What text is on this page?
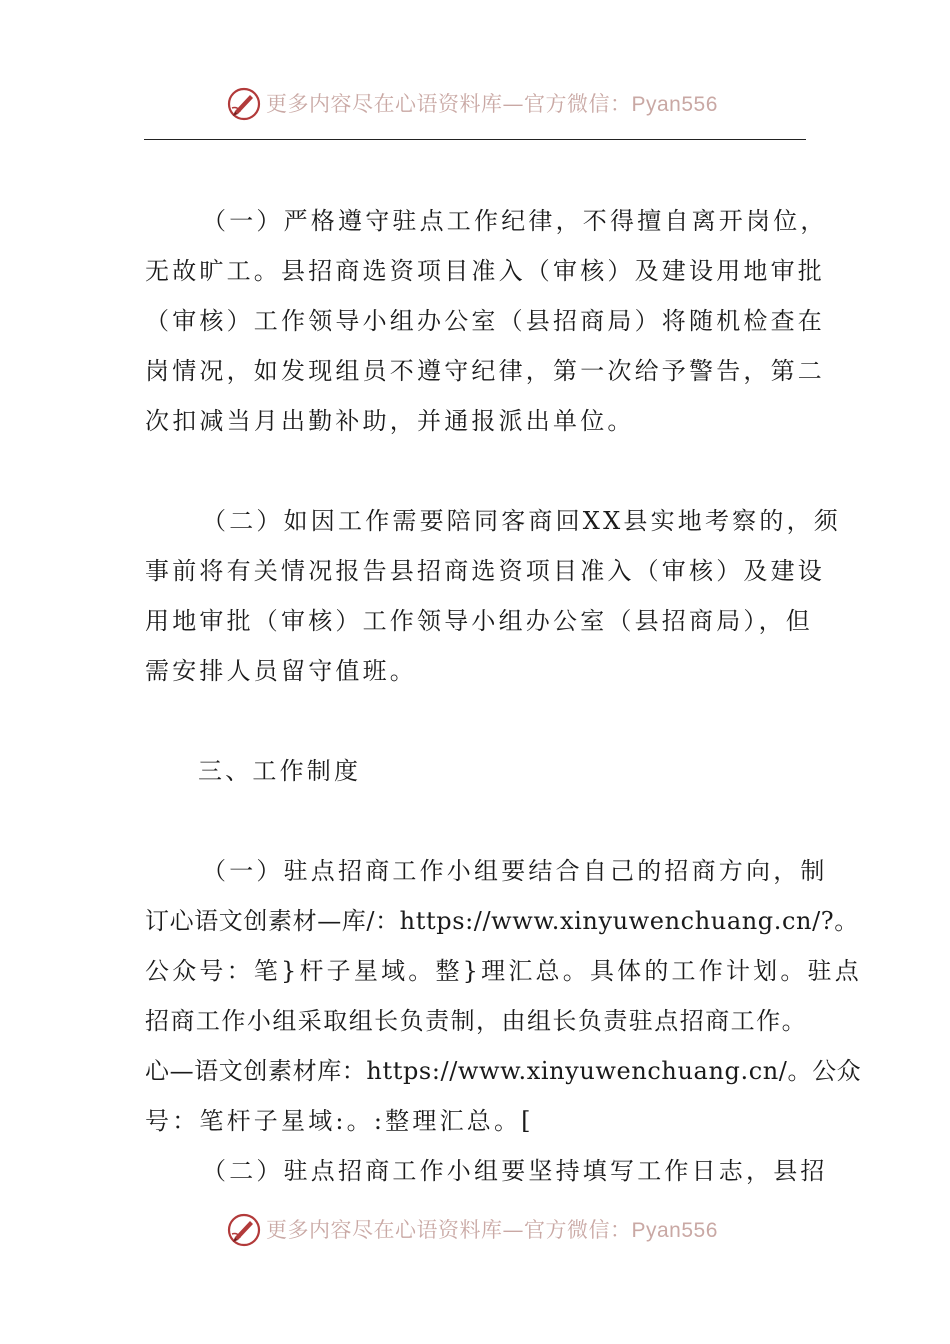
更多内容尽在心语资料库—官方微信：Pyan556

（一）严格遵守驻点工作纪律，不得擅自离开岗位，
无故旷工。县招商选资项目准入（审核）及建设用地审批
（审核）工作领导小组办公室（县招商局）将随机检查在
岗情况，如发现组员不遵守纪律，第一次给予警告，第二
次扣减当月出勤补助，并通报派出单位。

（二）如因工作需要陪同客商回XX县实地考察的，须
事前将有关情况报告县招商选资项目准入（审核）及建设
用地审批（审核）工作领导小组办公室（县招商局），但
需安排人员留守值班。

三、工作制度

（一）驻点招商工作小组要结合自己的招商方向，制
订心语文创素材—库/：https://www.xinyuwenchuang.cn/?。
公众号：笔}杆子星域。整}理汇总。具体的工作计划。驻点
招商工作小组采取组长负责制，由组长负责驻点招商工作。
心—语文创素材库：https://www.xinyuwenchuang.cn/。公众
号：笔杆子星域:。:整理汇总。[

（二）驻点招商工作小组要坚持填写工作日志，县招

更多内容尽在心语资料库—官方微信：Pyan556
